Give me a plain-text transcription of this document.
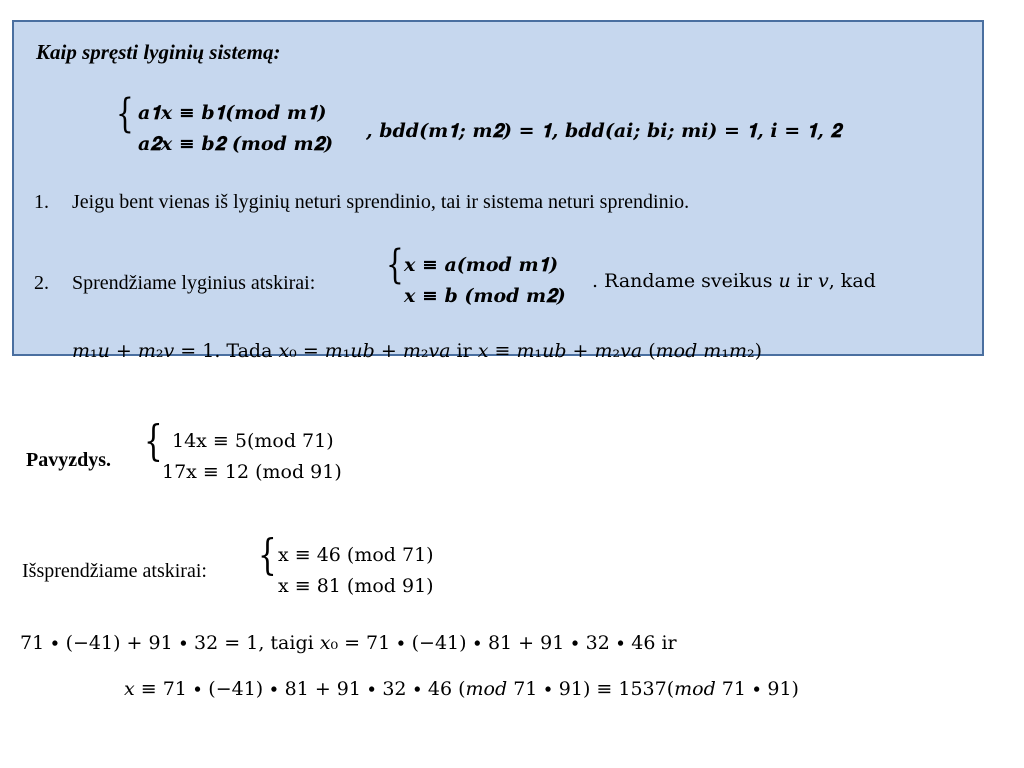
Kaip spręsti lyginių sistemą:
{ 𝒂𝟏𝒙 ≡ 𝒃𝟏(𝒎𝒐𝒅 𝒎𝟏)
𝒂𝟐𝒙 ≡ 𝒃𝟐 (𝒎𝒐𝒅 𝒎𝟐)
, 𝒃𝒅𝒅(𝒎𝟏; 𝒎𝟐) = 𝟏, 𝒃𝒅𝒅(𝒂𝒊; 𝒃𝒊; 𝒎𝒊) = 𝟏, 𝒊 = 𝟏, 𝟐
1. Jeigu bent vienas iš lyginių neturi sprendinio, tai ir sistema neturi sprendinio.
2. Sprendžiame lyginius atskirai: { 𝒙 ≡ 𝒂(𝒎𝒐𝒅 𝒎𝟏)
𝒙 ≡ 𝒃 (𝒎𝒐𝒅 𝒎𝟐)
. Randame sveikus 𝑢 ir 𝑣, kad
𝑚₁𝑢 + 𝑚₂𝑣 = 1. Tada 𝑥₀ = 𝑚₁𝑢𝑏 + 𝑚₂𝑣𝑎 ir 𝑥 ≡ 𝑚₁𝑢𝑏 + 𝑚₂𝑣𝑎 (𝑚𝑜𝑑 𝑚₁𝑚₂)
Pavyzdys. { 14x ≡ 5(mod 71)
17x ≡ 12 (mod 91)
Išsprendžiame atskirai: { x ≡ 46 (mod 71)
x ≡ 81 (mod 91)
71 ∙ (−41) + 91 ∙ 32 = 1, taigi 𝑥₀ = 71 ∙ (−41) ∙ 81 + 91 ∙ 32 ∙ 46 ir
𝑥 ≡ 71 ∙ (−41) ∙ 81 + 91 ∙ 32 ∙ 46 (𝑚𝑜𝑑 71 ∙ 91) ≡ 1537(𝑚𝑜𝑑 71 ∙ 91)
